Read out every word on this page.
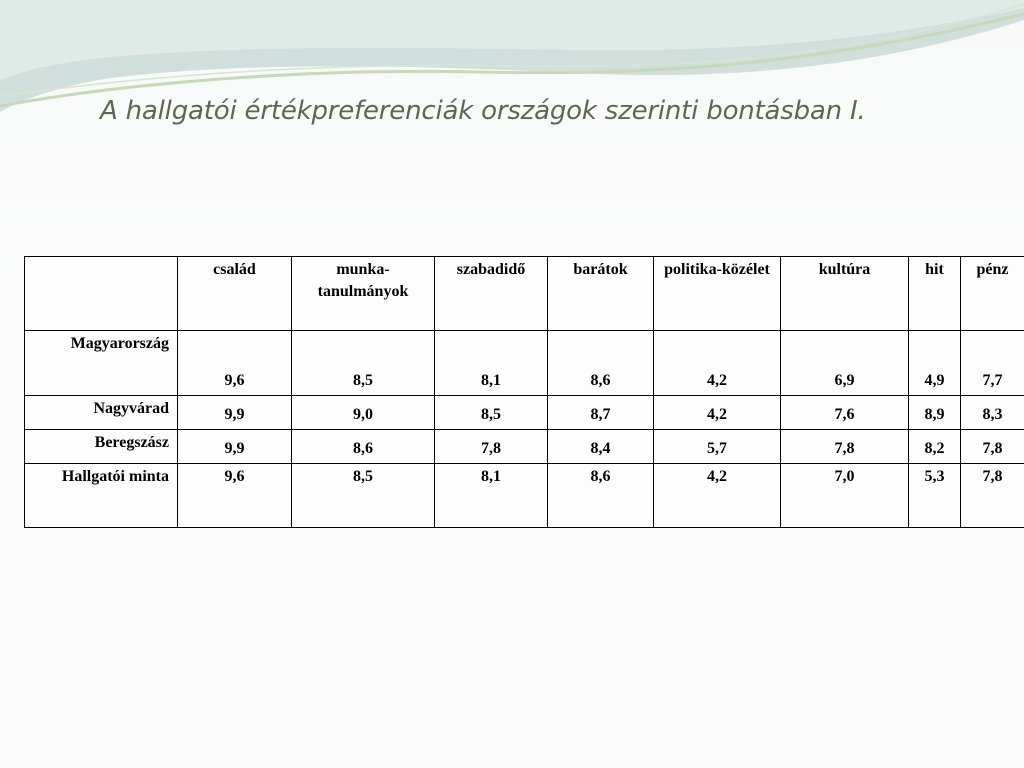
A hallgatói értékpreferenciák országok szerinti bontásban I.
	család	munka-tanulmányok	szabadidő	barátok	politika-közélet	kultúra	hit	pénz
Magyarország	9,6	8,5	8,1	8,6	4,2	6,9	4,9	7,7
Nagyvárad	9,9	9,0	8,5	8,7	4,2	7,6	8,9	8,3
Beregszász	9,9	8,6	7,8	8,4	5,7	7,8	8,2	7,8
Hallgatói minta	9,6	8,5	8,1	8,6	4,2	7,0	5,3	7,8
